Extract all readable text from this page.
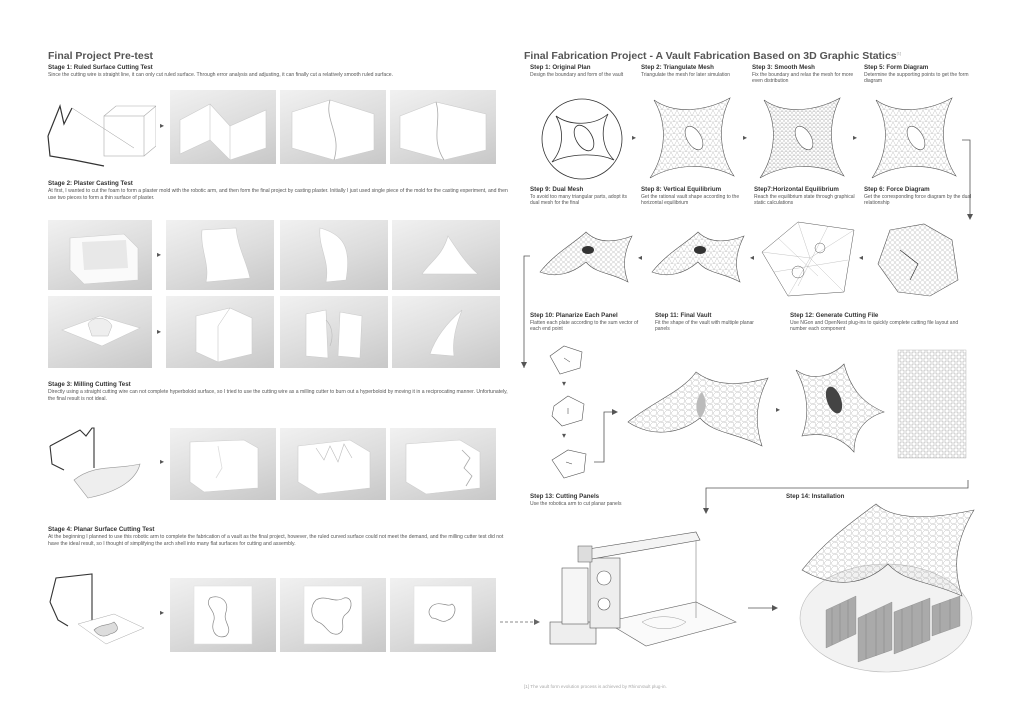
Final Project Pre-test
Stage 1: Ruled Surface Cutting Test
Since the cutting wire is straight line, it can only cut ruled surface. Through error analysis and adjusting, it can finally cut a relatively smooth ruled surface.
▸
Stage 2: Plaster Casting Test
At first, I wanted to cut the foam to form a plaster mold with the robotic arm, and then form the final project by casting plaster. Initially I just used single piece of the mold for the casting experiment, and then use two pieces to form a thin surface of plaster.
▸
▸
Stage 3: Milling Cutting Test
Directly using a straight cutting wire can not complete hyperboloid surface, so I tried to use the cutting wire as a milling cutter to burn out a hyperboloid by moving it in a reciprocating manner. Unfortunately, the final result is not ideal.
▸
Stage 4: Planar Surface Cutting Test
At the beginning I planned to use this robotic arm to complete the fabrication of a vault as the final project, however, the ruled curved surface could not meet the demand, and the milling cutter test did not have the ideal result, so I thought of simplifying the arch shell into many flat surfaces for cutting and assembly.
▸
Final Fabrication Project - A Vault Fabrication Based on 3D Graphic Statics[1]
Step 1: Original Plan
Design the boundary and form of the vault
Step 2: Triangulate Mesh
Triangulate the mesh for later simulation
Step 3: Smooth Mesh
Fix the boundary and relax the mesh for more even distribution
Step 5: Form Diagram
Determine the supporting points to get the form diagram
▸	▸	▸
Step 9: Dual Mesh
To avoid too many triangular parts, adopt its dual mesh for the final
Step 8: Vertical Equilibrium
Get the rational vault shape according to the horizontal equilibrium
Step7:Horizontal Equilibrium
Reach the equilibrium state through graphical static calculations
Step 6: Force Diagram
Get the corresponding force diagram by the dual relationship
◂	◂	◂
Step 10: Planarize Each Panel
Flatten each plate according to the sum vector of each end point
Step 11: Final Vault
Fit the shape of the vault with multiple planar panels
Step 12: Generate Cutting File
Use NGon and OpenNest plug-ins to quickly complete cutting file layout and number each component
▾
▾
▸
Step 13: Cutting Panels
Use the robotica arm to cut planar panels
Step 14: Installation
[1] The vault form evolution process is achieved by RhinoVault plug-in.
